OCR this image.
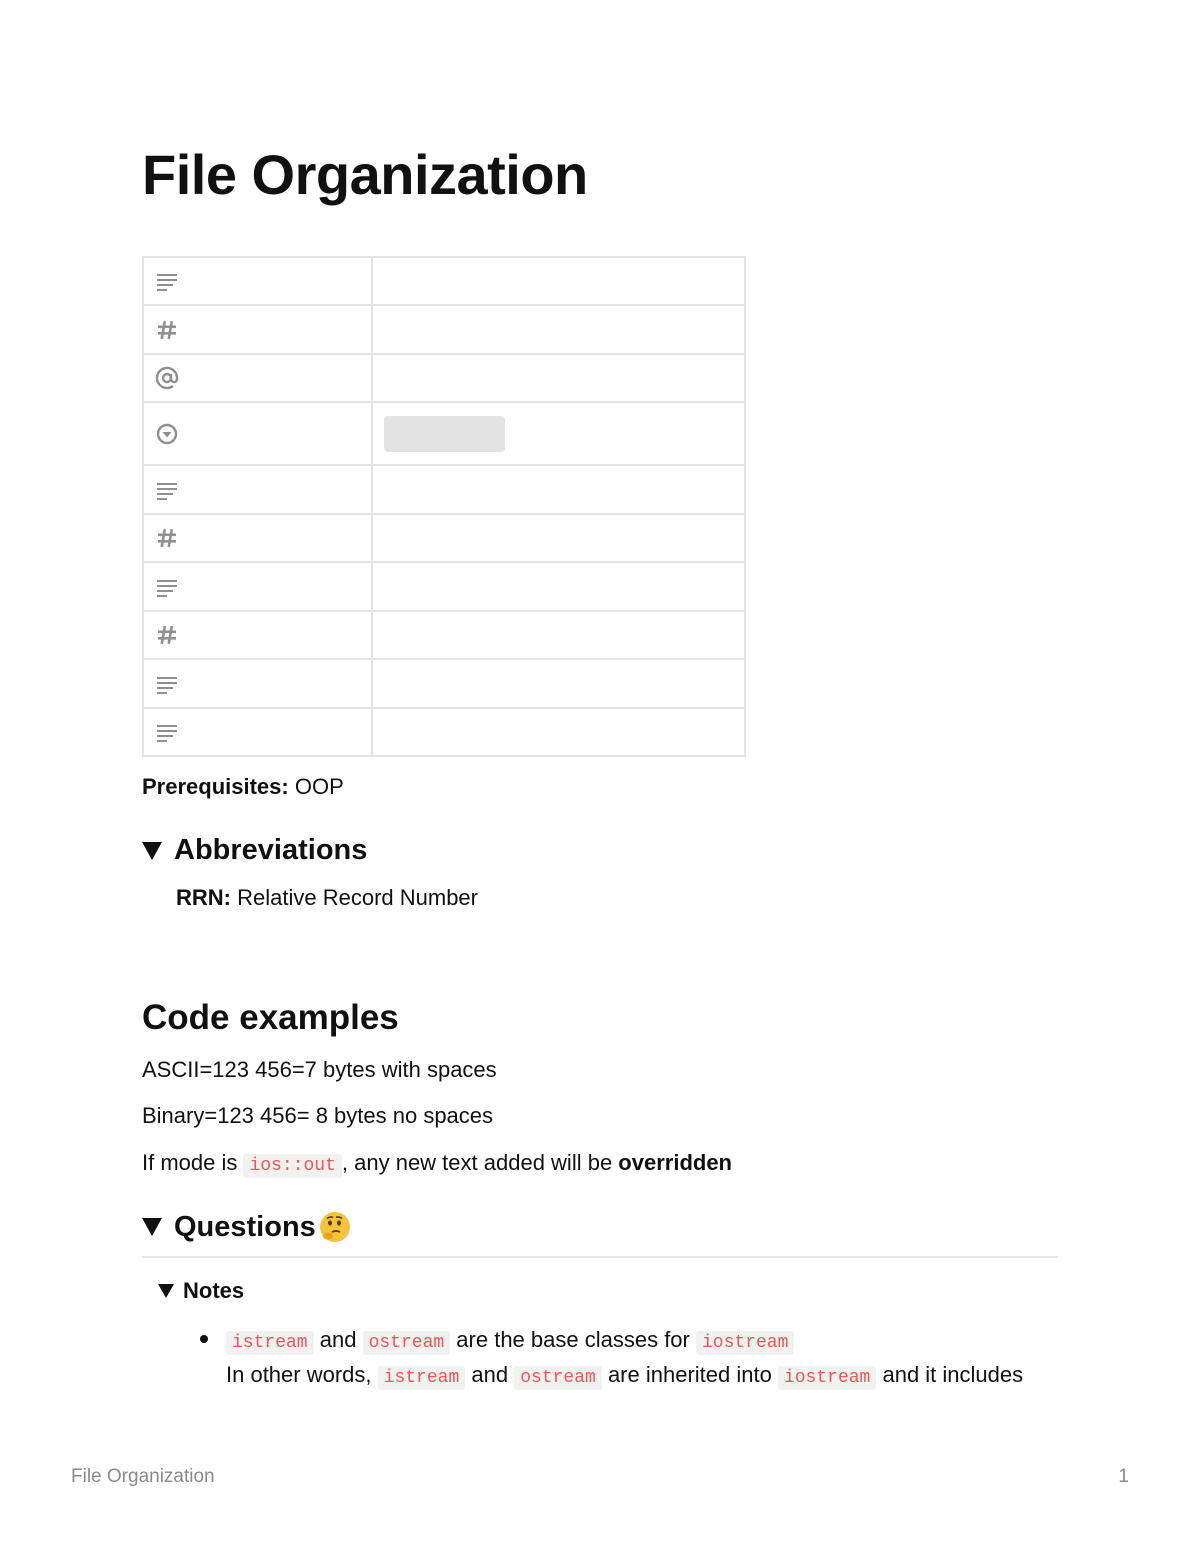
File Organization

Prerequisites: OOP

Abbreviations

RRN: Relative Record Number

Code examples

ASCII=123 456=7 bytes with spaces

Binary=123 456= 8 bytes no spaces

If mode is ios::out , any new text added will be overridden

Questions
Notes

istream and ostream are the base classes for iostream

In other words, istream and ostream are inherited into iostream and it includes

File Organization	1
